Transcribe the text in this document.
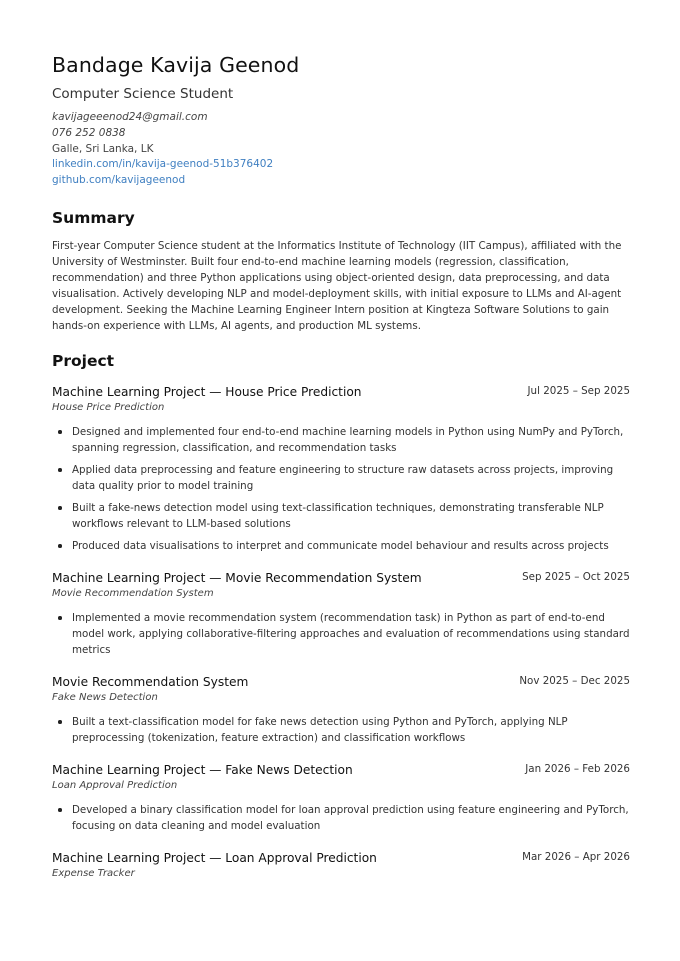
Bandage Kavija Geenod
Computer Science Student
kavijageeenod24@gmail.com
076 252 0838
Galle, Sri Lanka, LK
linkedin.com/in/kavija-geenod-51b376402
github.com/kavijageenod
Summary
First-year Computer Science student at the Informatics Institute of Technology (IIT Campus), affiliated with the University of Westminster. Built four end-to-end machine learning models (regression, classification, recommendation) and three Python applications using object-oriented design, data preprocessing, and data visualisation. Actively developing NLP and model-deployment skills, with initial exposure to LLMs and AI-agent development. Seeking the Machine Learning Engineer Intern position at Kingteza Software Solutions to gain hands-on experience with LLMs, AI agents, and production ML systems.
Project
Machine Learning Project — House Price Prediction	Jul 2025 – Sep 2025
House Price Prediction
Designed and implemented four end-to-end machine learning models in Python using NumPy and PyTorch, spanning regression, classification, and recommendation tasks
Applied data preprocessing and feature engineering to structure raw datasets across projects, improving data quality prior to model training
Built a fake-news detection model using text-classification techniques, demonstrating transferable NLP workflows relevant to LLM-based solutions
Produced data visualisations to interpret and communicate model behaviour and results across projects
Machine Learning Project — Movie Recommendation System	Sep 2025 – Oct 2025
Movie Recommendation System
Implemented a movie recommendation system (recommendation task) in Python as part of end-to-end model work, applying collaborative-filtering approaches and evaluation of recommendations using standard metrics
Movie Recommendation System	Nov 2025 – Dec 2025
Fake News Detection
Built a text-classification model for fake news detection using Python and PyTorch, applying NLP preprocessing (tokenization, feature extraction) and classification workflows
Machine Learning Project — Fake News Detection	Jan 2026 – Feb 2026
Loan Approval Prediction
Developed a binary classification model for loan approval prediction using feature engineering and PyTorch, focusing on data cleaning and model evaluation
Machine Learning Project — Loan Approval Prediction	Mar 2026 – Apr 2026
Expense Tracker
